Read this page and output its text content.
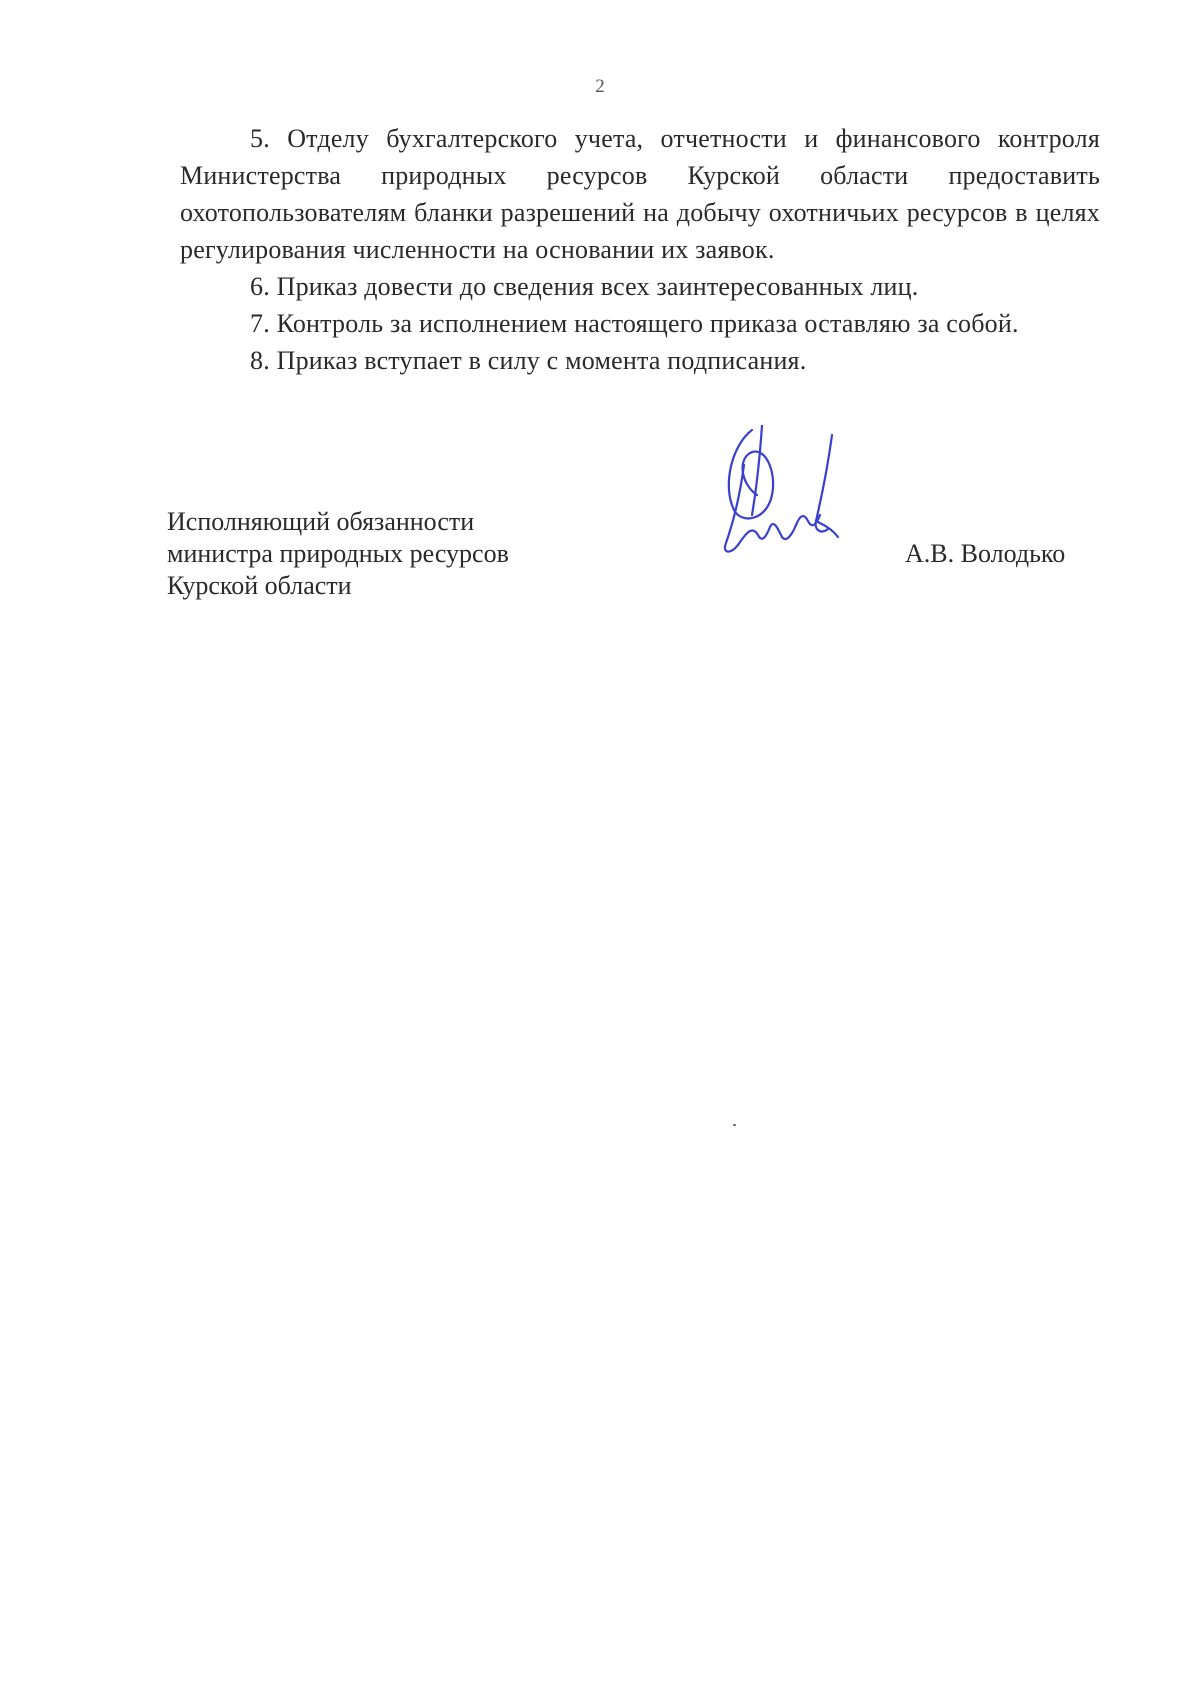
2

5. Отделу бухгалтерского учета, отчетности и финансового контроля Министерства природных ресурсов Курской области предоставить охотопользователям бланки разрешений на добычу охотничьих ресурсов в целях регулирования численности на основании их заявок.

6. Приказ довести до сведения всех заинтересованных лиц.

7. Контроль за исполнением настоящего приказа оставляю за собой.

8. Приказ вступает в силу с момента подписания.

Исполняющий обязанности
министра природных ресурсов
Курской области
А.В. Володько
